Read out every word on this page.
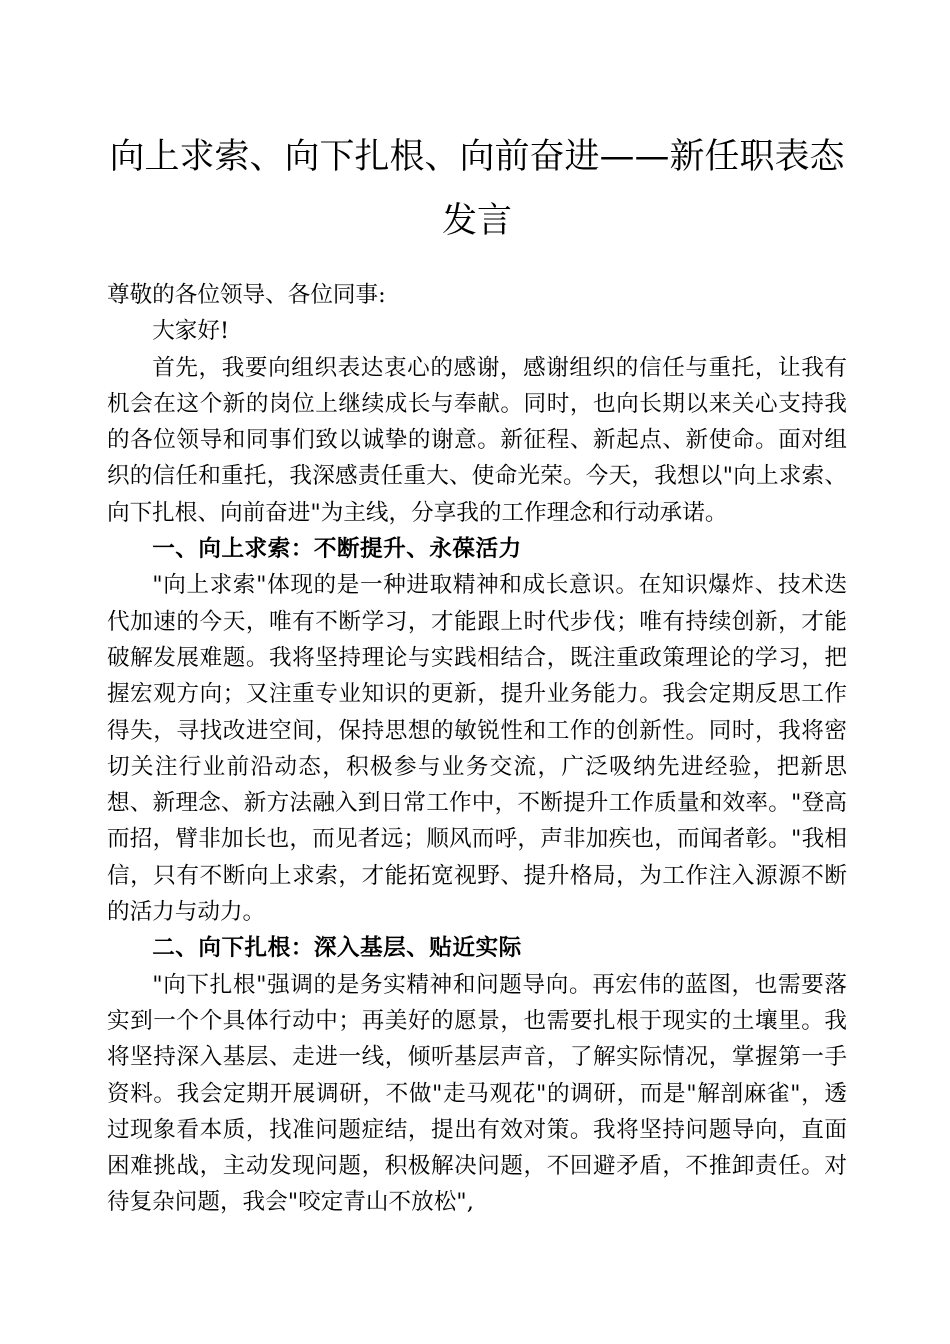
向上求索、向下扎根、向前奋进——新任职表态
发言

尊敬的各位领导、各位同事:

大家好!

首先，我要向组织表达衷心的感谢，感谢组织的信任与重托，让我有机会在这个新的岗位上继续成长与奉献。同时，也向长期以来关心支持我的各位领导和同事们致以诚挚的谢意。新征程、新起点、新使命。面对组织的信任和重托，我深感责任重大、使命光荣。今天，我想以"向上求索、向下扎根、向前奋进"为主线，分享我的工作理念和行动承诺。

一、向上求索：不断提升、永葆活力

"向上求索"体现的是一种进取精神和成长意识。在知识爆炸、技术迭代加速的今天，唯有不断学习，才能跟上时代步伐；唯有持续创新，才能破解发展难题。我将坚持理论与实践相结合，既注重政策理论的学习，把握宏观方向；又注重专业知识的更新，提升业务能力。我会定期反思工作得失，寻找改进空间，保持思想的敏锐性和工作的创新性。同时，我将密切关注行业前沿动态，积极参与业务交流，广泛吸纳先进经验，把新思想、新理念、新方法融入到日常工作中，不断提升工作质量和效率。"登高而招，臂非加长也，而见者远；顺风而呼，声非加疾也，而闻者彰。"我相信，只有不断向上求索，才能拓宽视野、提升格局，为工作注入源源不断的活力与动力。

二、向下扎根：深入基层、贴近实际

"向下扎根"强调的是务实精神和问题导向。再宏伟的蓝图，也需要落实到一个个具体行动中；再美好的愿景，也需要扎根于现实的土壤里。我将坚持深入基层、走进一线，倾听基层声音，了解实际情况，掌握第一手资料。我会定期开展调研，不做"走马观花"的调研，而是"解剖麻雀"，透过现象看本质，找准问题症结，提出有效对策。我将坚持问题导向，直面困难挑战，主动发现问题，积极解决问题，不回避矛盾，不推卸责任。对待复杂问题，我会"咬定青山不放松",
